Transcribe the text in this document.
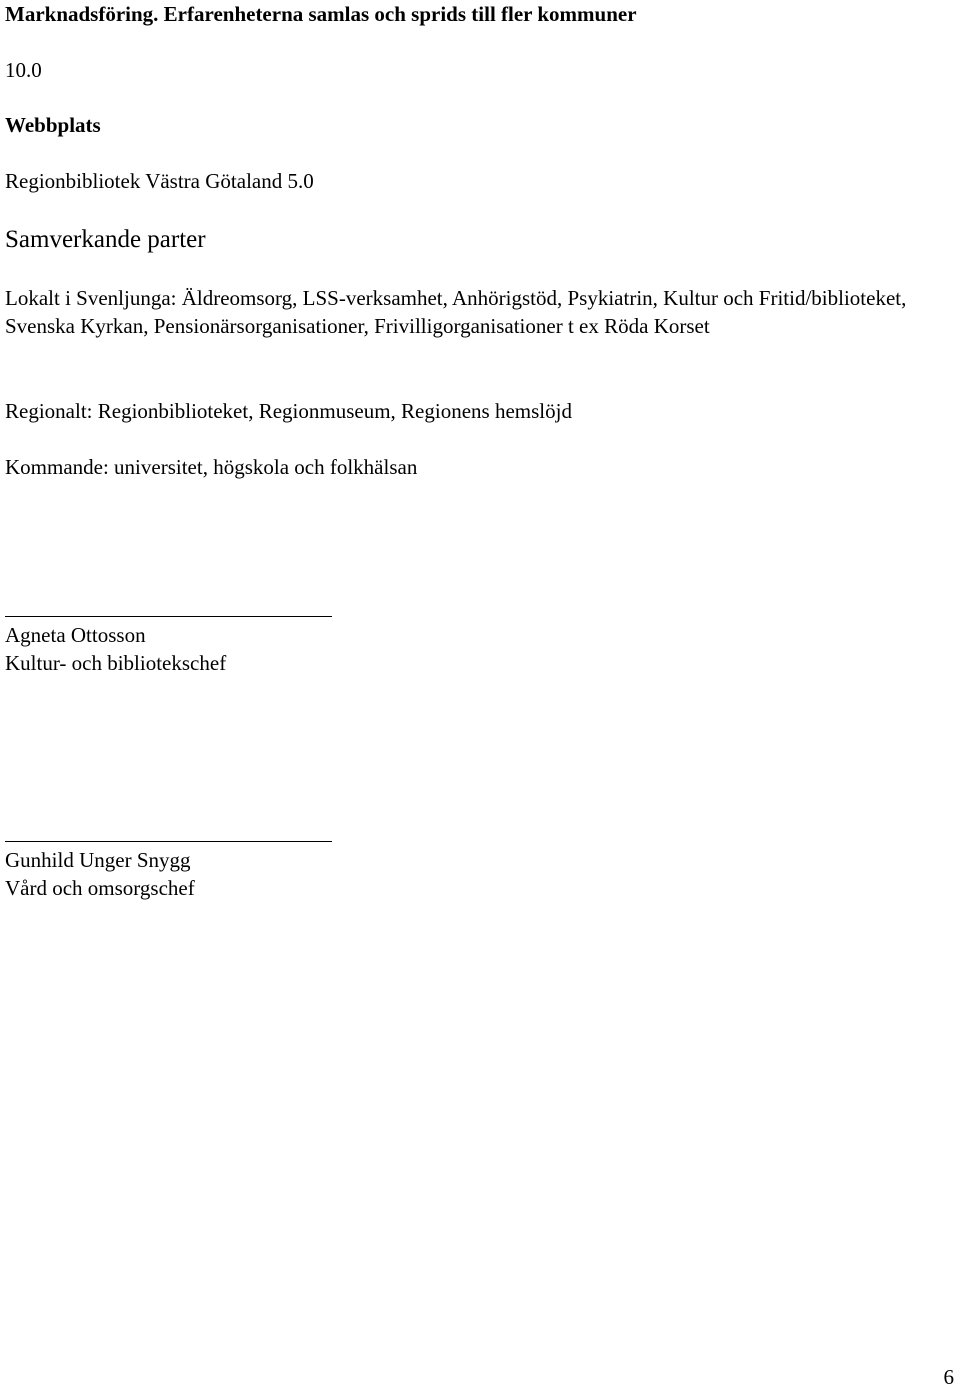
Marknadsföring. Erfarenheterna samlas och sprids till fler kommuner
10.0
Webbplats
Regionbibliotek Västra Götaland 5.0
Samverkande parter
Lokalt i Svenljunga: Äldreomsorg, LSS-verksamhet, Anhörigstöd, Psykiatrin, Kultur och Fritid/biblioteket, Svenska Kyrkan, Pensionärsorganisationer, Frivilligorganisationer t ex Röda Korset
Regionalt: Regionbiblioteket, Regionmuseum, Regionens hemslöjd
Kommande: universitet, högskola och folkhälsan
Agneta Ottosson
Kultur- och bibliotekschef
Gunhild Unger Snygg
Vård och omsorgschef
6
